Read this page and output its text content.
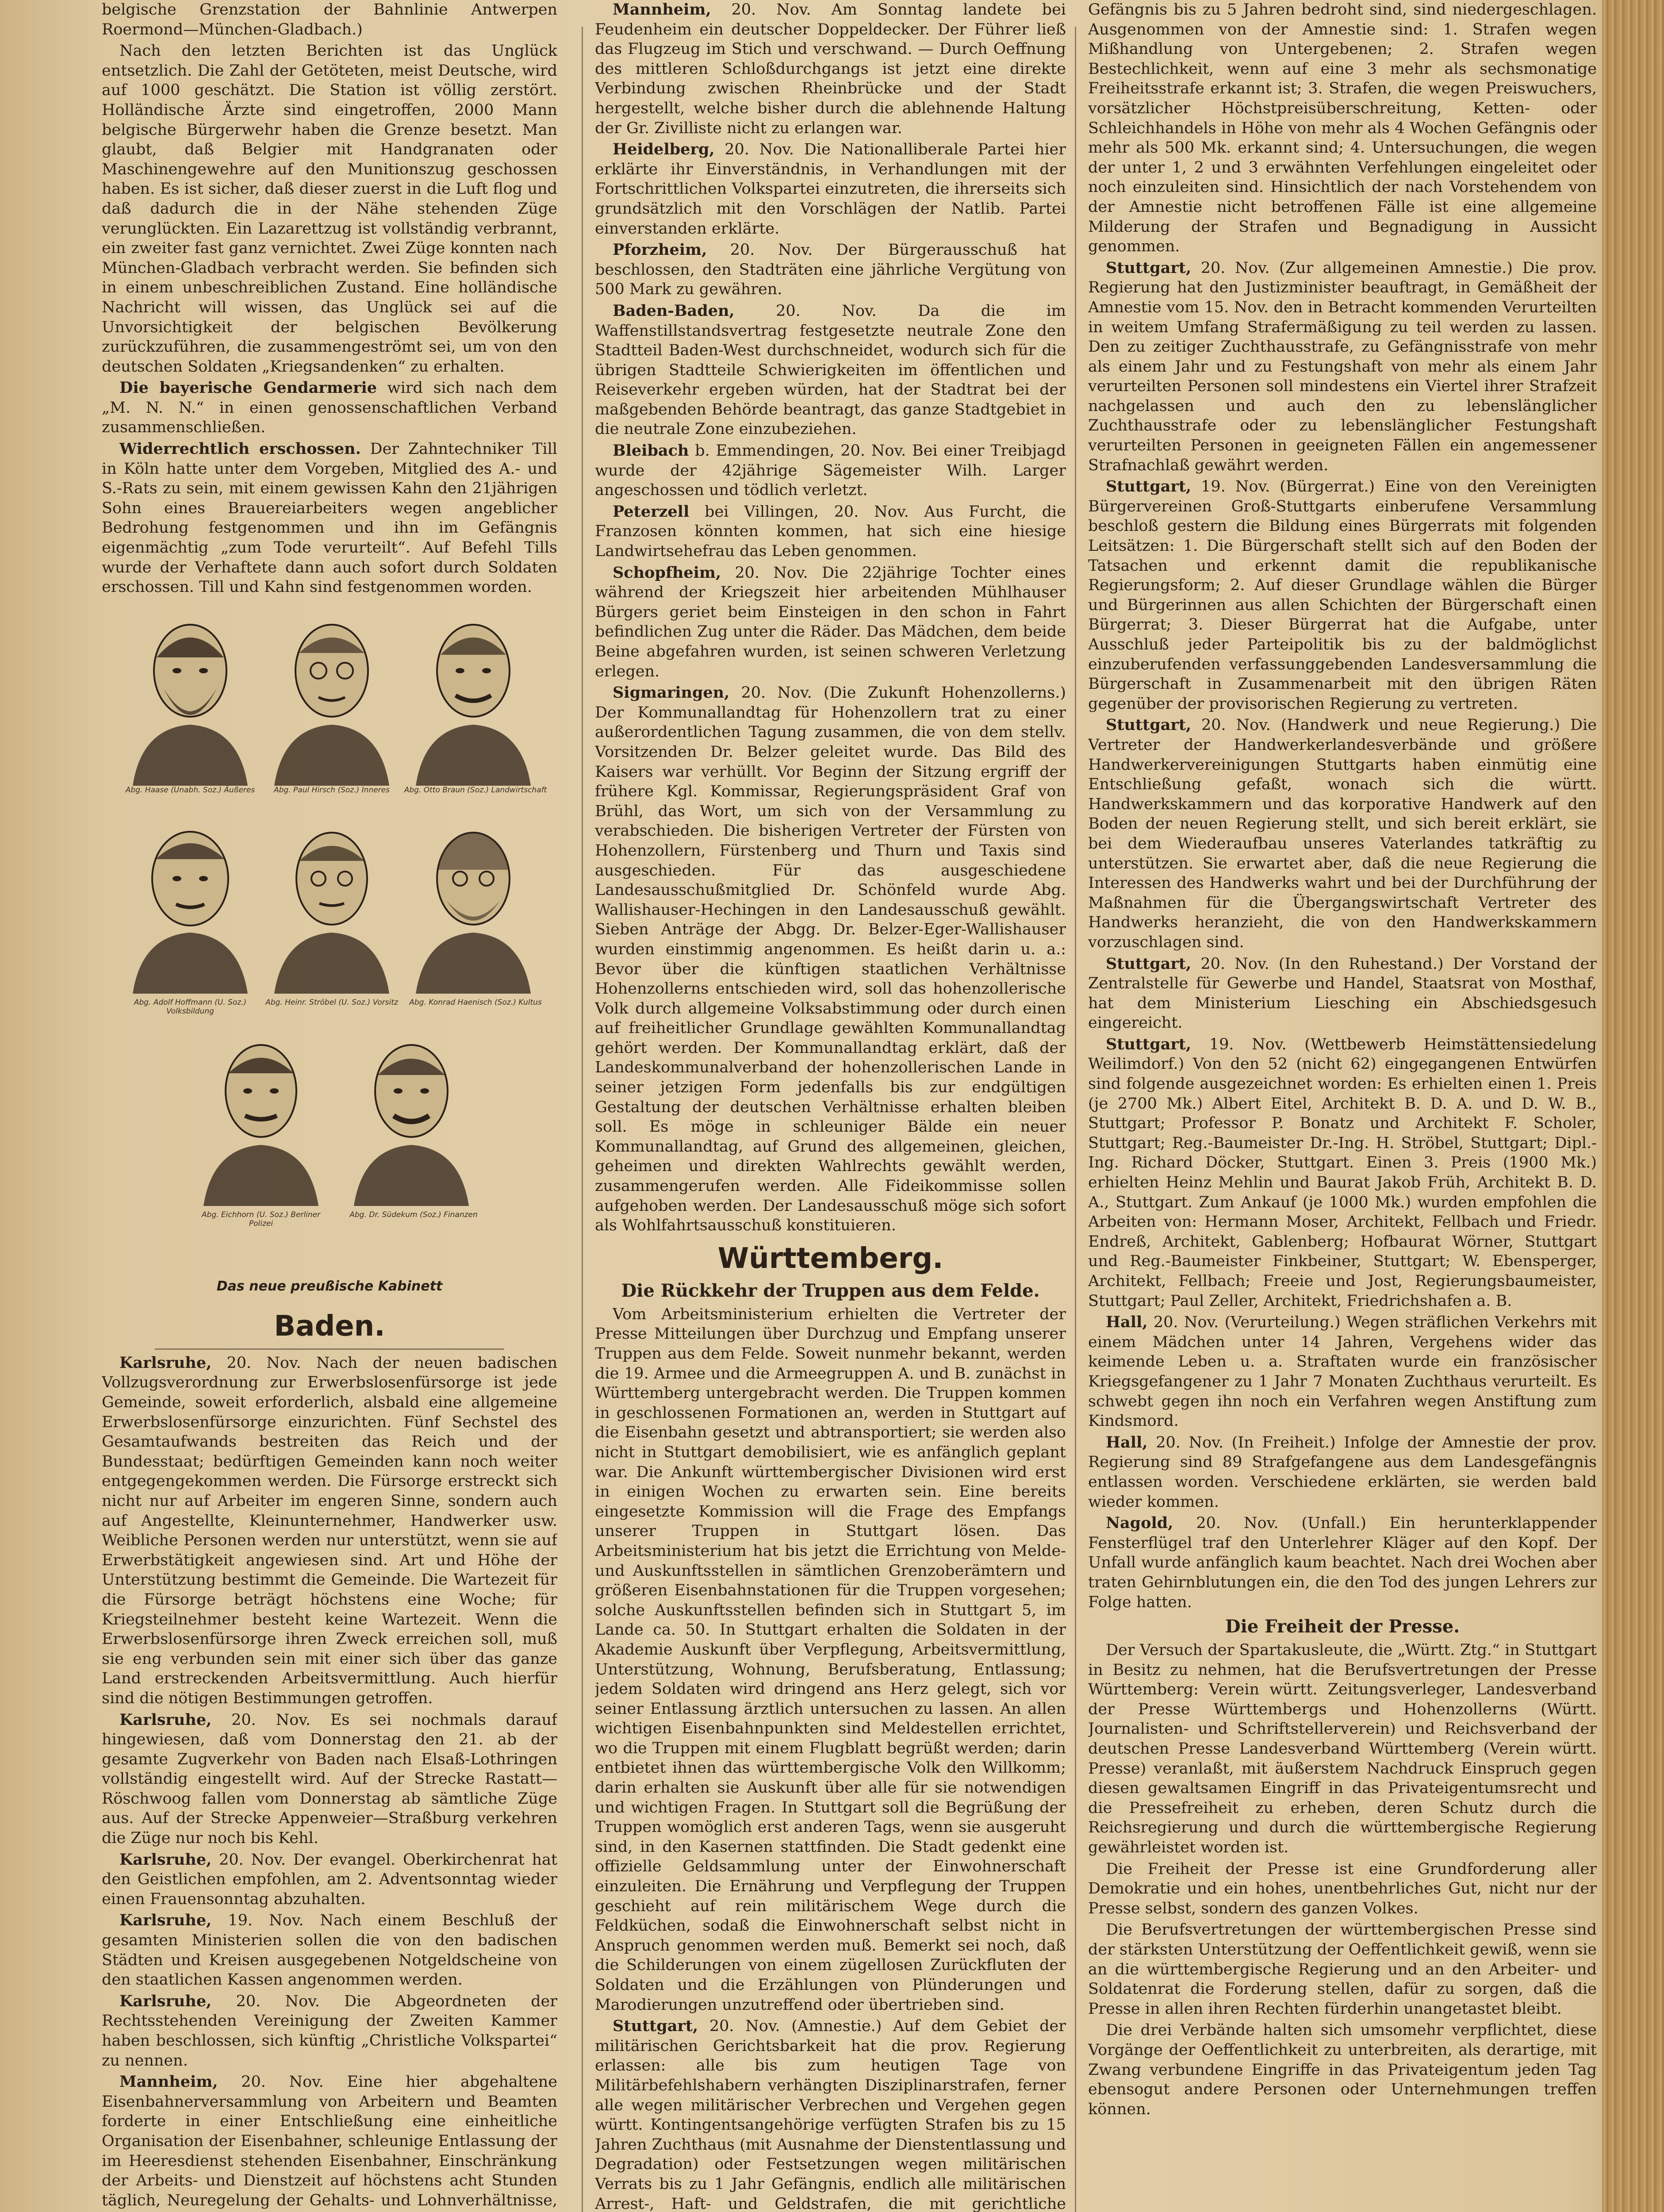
belgische Grenzstation der Bahnlinie Antwerpen Roermond—München-Gladbach.)

Nach den letzten Berichten ist das Unglück entsetzlich. Die Zahl der Getöteten, meist Deutsche, wird auf 1000 geschätzt. Die Station ist völlig zerstört. Holländische Ärzte sind eingetroffen, 2000 Mann belgische Bürgerwehr haben die Grenze besetzt. Man glaubt, daß Belgier mit Handgranaten oder Maschinengewehre auf den Munitionszug geschossen haben. Es ist sicher, daß dieser zuerst in die Luft flog und daß dadurch die in der Nähe stehenden Züge verunglückten. Ein Lazarettzug ist vollständig verbrannt, ein zweiter fast ganz vernichtet. Zwei Züge konnten nach München-Gladbach verbracht werden. Sie befinden sich in einem unbeschreiblichen Zustand. Eine holländische Nachricht will wissen, das Unglück sei auf die Unvorsichtigkeit der belgischen Bevölkerung zurückzuführen, die zusammengeströmt sei, um von den deutschen Soldaten „Kriegsandenken“ zu erhalten.

Die bayerische Gendarmerie wird sich nach dem „M. N. N.“ in einen genossenschaftlichen Verband zusammenschließen.

Widerrechtlich erschossen. Der Zahntechniker Till in Köln hatte unter dem Vorgeben, Mitglied des A.- und S.-Rats zu sein, mit einem gewissen Kahn den 21jährigen Sohn eines Brauereiarbeiters wegen angeblicher Bedrohung festgenommen und ihn im Gefängnis eigenmächtig „zum Tode verurteilt“. Auf Befehl Tills wurde der Verhaftete dann auch sofort durch Soldaten erschossen. Till und Kahn sind festgenommen worden.

Abg. Haase (Unabh. Soz.) Äußeres	Abg. Paul Hirsch (Soz.) Inneres	Abg. Otto Braun (Soz.) Landwirtschaft
Abg. Adolf Hoffmann (U. Soz.) Volksbildung
Abg. Heinr. Ströbel (U. Soz.) Vorsitz	Abg. Konrad Haenisch (Soz.) Kultus
Abg. Eichhorn (U. Soz.) Berliner Polizei
Abg. Dr. Südekum (Soz.) Finanzen
Das neue preußische Kabinett
Baden.

Karlsruhe, 20. Nov. Nach der neuen badischen Vollzugsverordnung zur Erwerbslosenfürsorge ist jede Gemeinde, soweit erforderlich, alsbald eine allgemeine Erwerbslosenfürsorge einzurichten. Fünf Sechstel des Gesamtaufwands bestreiten das Reich und der Bundesstaat; bedürftigen Gemeinden kann noch weiter entgegengekommen werden. Die Fürsorge erstreckt sich nicht nur auf Arbeiter im engeren Sinne, sondern auch auf Angestellte, Kleinunternehmer, Handwerker usw. Weibliche Personen werden nur unterstützt, wenn sie auf Erwerbstätigkeit angewiesen sind. Art und Höhe der Unterstützung bestimmt die Gemeinde. Die Wartezeit für die Fürsorge beträgt höchstens eine Woche; für Kriegsteilnehmer besteht keine Wartezeit. Wenn die Erwerbslosenfürsorge ihren Zweck erreichen soll, muß sie eng verbunden sein mit einer sich über das ganze Land erstreckenden Arbeitsvermittlung. Auch hierfür sind die nötigen Bestimmungen getroffen.

Karlsruhe, 20. Nov. Es sei nochmals darauf hingewiesen, daß vom Donnerstag den 21. ab der gesamte Zugverkehr von Baden nach Elsaß-Lothringen vollständig eingestellt wird. Auf der Strecke Rastatt—Röschwoog fallen vom Donnerstag ab sämtliche Züge aus. Auf der Strecke Appenweier—Straßburg verkehren die Züge nur noch bis Kehl.

Karlsruhe, 20. Nov. Der evangel. Oberkirchenrat hat den Geistlichen empfohlen, am 2. Adventsonntag wieder einen Frauensonntag abzuhalten.

Karlsruhe, 19. Nov. Nach einem Beschluß der gesamten Ministerien sollen die von den badischen Städten und Kreisen ausgegebenen Notgeldscheine von den staatlichen Kassen angenommen werden.

Karlsruhe, 20. Nov. Die Abgeordneten der Rechtsstehenden Vereinigung der Zweiten Kammer haben beschlossen, sich künftig „Christliche Volkspartei“ zu nennen.

Mannheim, 20. Nov. Eine hier abgehaltene Eisenbahnerversammlung von Arbeitern und Beamten forderte in einer Entschließung eine einheitliche Organisation der Eisenbahner, schleunige Entlassung der im Heeresdienst stehenden Eisenbahner, Einschränkung der Arbeits- und Dienstzeit auf höchstens acht Stunden täglich, Neuregelung der Gehalts- und Lohnverhältnisse,

Mannheim, 20. Nov. Am Sonntag landete bei Feudenheim ein deutscher Doppeldecker. Der Führer ließ das Flugzeug im Stich und verschwand. — Durch Oeffnung des mittleren Schloßdurchgangs ist jetzt eine direkte Verbindung zwischen Rheinbrücke und der Stadt hergestellt, welche bisher durch die ablehnende Haltung der Gr. Zivilliste nicht zu erlangen war.

Heidelberg, 20. Nov. Die Nationalliberale Partei hier erklärte ihr Einverständnis, in Verhandlungen mit der Fortschrittlichen Volkspartei einzutreten, die ihrerseits sich grundsätzlich mit den Vorschlägen der Natlib. Partei einverstanden erklärte.

Pforzheim, 20. Nov. Der Bürgerausschuß hat beschlossen, den Stadträten eine jährliche Vergütung von 500 Mark zu gewähren.

Baden-Baden, 20. Nov. Da die im Waffenstillstandsvertrag festgesetzte neutrale Zone den Stadtteil Baden-West durchschneidet, wodurch sich für die übrigen Stadtteile Schwierigkeiten im öffentlichen und Reiseverkehr ergeben würden, hat der Stadtrat bei der maßgebenden Behörde beantragt, das ganze Stadtgebiet in die neutrale Zone einzubeziehen.

Bleibach b. Emmendingen, 20. Nov. Bei einer Treibjagd wurde der 42jährige Sägemeister Wilh. Larger angeschossen und tödlich verletzt.

Peterzell bei Villingen, 20. Nov. Aus Furcht, die Franzosen könnten kommen, hat sich eine hiesige Landwirtsehefrau das Leben genommen.

Schopfheim, 20. Nov. Die 22jährige Tochter eines während der Kriegszeit hier arbeitenden Mühlhauser Bürgers geriet beim Einsteigen in den schon in Fahrt befindlichen Zug unter die Räder. Das Mädchen, dem beide Beine abgefahren wurden, ist seinen schweren Verletzung erlegen.

Sigmaringen, 20. Nov. (Die Zukunft Hohenzollerns.) Der Kommunallandtag für Hohenzollern trat zu einer außerordentlichen Tagung zusammen, die von dem stellv. Vorsitzenden Dr. Belzer geleitet wurde. Das Bild des Kaisers war verhüllt. Vor Beginn der Sitzung ergriff der frühere Kgl. Kommissar, Regierungspräsident Graf von Brühl, das Wort, um sich von der Versammlung zu verabschieden. Die bisherigen Vertreter der Fürsten von Hohenzollern, Fürstenberg und Thurn und Taxis sind ausgeschieden. Für das ausgeschiedene Landesausschußmitglied Dr. Schönfeld wurde Abg. Wallishauser-Hechingen in den Landesausschuß gewählt. Sieben Anträge der Abgg. Dr. Belzer-Eger-Wallishauser wurden einstimmig angenommen. Es heißt darin u. a.: Bevor über die künftigen staatlichen Verhältnisse Hohenzollerns entschieden wird, soll das hohenzollerische Volk durch allgemeine Volksabstimmung oder durch einen auf freiheitlicher Grundlage gewählten Kommunallandtag gehört werden. Der Kommunallandtag erklärt, daß der Landeskommunalverband der hohenzollerischen Lande in seiner jetzigen Form jedenfalls bis zur endgültigen Gestaltung der deutschen Verhältnisse erhalten bleiben soll. Es möge in schleuniger Bälde ein neuer Kommunallandtag, auf Grund des allgemeinen, gleichen, geheimen und direkten Wahlrechts gewählt werden, zusammengerufen werden. Alle Fideikommisse sollen aufgehoben werden. Der Landesausschuß möge sich sofort als Wohlfahrtsausschuß konstituieren.

Württemberg.
Die Rückkehr der Truppen aus dem Felde.

Vom Arbeitsministerium erhielten die Vertreter der Presse Mitteilungen über Durchzug und Empfang unserer Truppen aus dem Felde. Soweit nunmehr bekannt, werden die 19. Armee und die Armeegruppen A. und B. zunächst in Württemberg untergebracht werden. Die Truppen kommen in geschlossenen Formationen an, werden in Stuttgart auf die Eisenbahn gesetzt und abtransportiert; sie werden also nicht in Stuttgart demobilisiert, wie es anfänglich geplant war. Die Ankunft württembergischer Divisionen wird erst in einigen Wochen zu erwarten sein. Eine bereits eingesetzte Kommission will die Frage des Empfangs unserer Truppen in Stuttgart lösen. Das Arbeitsministerium hat bis jetzt die Errichtung von Melde- und Auskunftsstellen in sämtlichen Grenzoberämtern und größeren Eisenbahnstationen für die Truppen vorgesehen; solche Auskunftsstellen befinden sich in Stuttgart 5, im Lande ca. 50. In Stuttgart erhalten die Soldaten in der Akademie Auskunft über Verpflegung, Arbeitsvermittlung, Unterstützung, Wohnung, Berufsberatung, Entlassung; jedem Soldaten wird dringend ans Herz gelegt, sich vor seiner Entlassung ärztlich untersuchen zu lassen. An allen wichtigen Eisenbahnpunkten sind Meldestellen errichtet, wo die Truppen mit einem Flugblatt begrüßt werden; darin entbietet ihnen das württembergische Volk den Willkomm; darin erhalten sie Auskunft über alle für sie notwendigen und wichtigen Fragen. In Stuttgart soll die Begrüßung der Truppen womöglich erst anderen Tags, wenn sie ausgeruht sind, in den Kasernen stattfinden. Die Stadt gedenkt eine offizielle Geldsammlung unter der Einwohnerschaft einzuleiten. Die Ernährung und Verpflegung der Truppen geschieht auf rein militärischem Wege durch die Feldküchen, sodaß die Einwohnerschaft selbst nicht in Anspruch genommen werden muß. Bemerkt sei noch, daß die Schilderungen von einem zügellosen Zurückfluten der Soldaten und die Erzählungen von Plünderungen und Marodierungen unzutreffend oder übertrieben sind.

Stuttgart, 20. Nov. (Amnestie.) Auf dem Gebiet der militärischen Gerichtsbarkeit hat die prov. Regierung erlassen: alle bis zum heutigen Tage von Militärbefehlshabern verhängten Disziplinarstrafen, ferner alle wegen militärischer Verbrechen und Vergehen gegen württ. Kontingentsangehörige verfügten Strafen bis zu 15 Jahren Zuchthaus (mit Ausnahme der Dienstentlassung und Degradation) oder Festsetzungen wegen militärischen Verrats bis zu 1 Jahr Gefängnis, endlich alle militärischen Arrest-, Haft- und Geldstrafen, die mit gerichtliche

Gefängnis bis zu 5 Jahren bedroht sind, sind niedergeschlagen. Ausgenommen von der Amnestie sind: 1. Strafen wegen Mißhandlung von Untergebenen; 2. Strafen wegen Bestechlichkeit, wenn auf eine 3 mehr als sechsmonatige Freiheitsstrafe erkannt ist; 3. Strafen, die wegen Preiswuchers, vorsätzlicher Höchstpreisüberschreitung, Ketten- oder Schleichhandels in Höhe von mehr als 4 Wochen Gefängnis oder mehr als 500 Mk. erkannt sind; 4. Untersuchungen, die wegen der unter 1, 2 und 3 erwähnten Verfehlungen eingeleitet oder noch einzuleiten sind. Hinsichtlich der nach Vorstehendem von der Amnestie nicht betroffenen Fälle ist eine allgemeine Milderung der Strafen und Begnadigung in Aussicht genommen.

Stuttgart, 20. Nov. (Zur allgemeinen Amnestie.) Die prov. Regierung hat den Justizminister beauftragt, in Gemäßheit der Amnestie vom 15. Nov. den in Betracht kommenden Verurteilten in weitem Umfang Strafermäßigung zu teil werden zu lassen. Den zu zeitiger Zuchthausstrafe, zu Gefängnisstrafe von mehr als einem Jahr und zu Festungshaft von mehr als einem Jahr verurteilten Personen soll mindestens ein Viertel ihrer Strafzeit nachgelassen und auch den zu lebenslänglicher Zuchthausstrafe oder zu lebenslänglicher Festungshaft verurteilten Personen in geeigneten Fällen ein angemessener Strafnachlaß gewährt werden.

Stuttgart, 19. Nov. (Bürgerrat.) Eine von den Vereinigten Bürgervereinen Groß-Stuttgarts einberufene Versammlung beschloß gestern die Bildung eines Bürgerrats mit folgenden Leitsätzen: 1. Die Bürgerschaft stellt sich auf den Boden der Tatsachen und erkennt damit die republikanische Regierungsform; 2. Auf dieser Grundlage wählen die Bürger und Bürgerinnen aus allen Schichten der Bürgerschaft einen Bürgerrat; 3. Dieser Bürgerrat hat die Aufgabe, unter Ausschluß jeder Parteipolitik bis zu der baldmöglichst einzuberufenden verfassunggebenden Landesversammlung die Bürgerschaft in Zusammenarbeit mit den übrigen Räten gegenüber der provisorischen Regierung zu vertreten.

Stuttgart, 20. Nov. (Handwerk und neue Regierung.) Die Vertreter der Handwerkerlandesverbände und größere Handwerkervereinigungen Stuttgarts haben einmütig eine Entschließung gefaßt, wonach sich die württ. Handwerkskammern und das korporative Handwerk auf den Boden der neuen Regierung stellt, und sich bereit erklärt, sie bei dem Wiederaufbau unseres Vaterlandes tatkräftig zu unterstützen. Sie erwartet aber, daß die neue Regierung die Interessen des Handwerks wahrt und bei der Durchführung der Maßnahmen für die Übergangswirtschaft Vertreter des Handwerks heranzieht, die von den Handwerkskammern vorzuschlagen sind.

Stuttgart, 20. Nov. (In den Ruhestand.) Der Vorstand der Zentralstelle für Gewerbe und Handel, Staatsrat von Mosthaf, hat dem Ministerium Liesching ein Abschiedsgesuch eingereicht.

Stuttgart, 19. Nov. (Wettbewerb Heimstättensiedelung Weilimdorf.) Von den 52 (nicht 62) eingegangenen Entwürfen sind folgende ausgezeichnet worden: Es erhielten einen 1. Preis (je 2700 Mk.) Albert Eitel, Architekt B. D. A. und D. W. B., Stuttgart; Professor P. Bonatz und Architekt F. Scholer, Stuttgart; Reg.-Baumeister Dr.-Ing. H. Ströbel, Stuttgart; Dipl.-Ing. Richard Döcker, Stuttgart. Einen 3. Preis (1900 Mk.) erhielten Heinz Mehlin und Baurat Jakob Früh, Architekt B. D. A., Stuttgart. Zum Ankauf (je 1000 Mk.) wurden empfohlen die Arbeiten von: Hermann Moser, Architekt, Fellbach und Friedr. Endreß, Architekt, Gablenberg; Hofbaurat Wörner, Stuttgart und Reg.-Baumeister Finkbeiner, Stuttgart; W. Ebensperger, Architekt, Fellbach; Freeie und Jost, Regierungsbaumeister, Stuttgart; Paul Zeller, Architekt, Friedrichshafen a. B.

Hall, 20. Nov. (Verurteilung.) Wegen sträflichen Verkehrs mit einem Mädchen unter 14 Jahren, Vergehens wider das keimende Leben u. a. Straftaten wurde ein französischer Kriegsgefangener zu 1 Jahr 7 Monaten Zuchthaus verurteilt. Es schwebt gegen ihn noch ein Verfahren wegen Anstiftung zum Kindsmord.

Hall, 20. Nov. (In Freiheit.) Infolge der Amnestie der prov. Regierung sind 89 Strafgefangene aus dem Landesgefängnis entlassen worden. Verschiedene erklärten, sie werden bald wieder kommen.

Nagold, 20. Nov. (Unfall.) Ein herunterklappender Fensterflügel traf den Unterlehrer Kläger auf den Kopf. Der Unfall wurde anfänglich kaum beachtet. Nach drei Wochen aber traten Gehirnblutungen ein, die den Tod des jungen Lehrers zur Folge hatten.

Die Freiheit der Presse.

Der Versuch der Spartakusleute, die „Württ. Ztg.“ in Stuttgart in Besitz zu nehmen, hat die Berufsvertretungen der Presse Württemberg: Verein württ. Zeitungsverleger, Landesverband der Presse Württembergs und Hohenzollerns (Württ. Journalisten- und Schriftstellerverein) und Reichsverband der deutschen Presse Landesverband Württemberg (Verein württ. Presse) veranlaßt, mit äußerstem Nachdruck Einspruch gegen diesen gewaltsamen Eingriff in das Privateigentumsrecht und die Pressefreiheit zu erheben, deren Schutz durch die Reichsregierung und durch die württembergische Regierung gewährleistet worden ist.

Die Freiheit der Presse ist eine Grundforderung aller Demokratie und ein hohes, unentbehrliches Gut, nicht nur der Presse selbst, sondern des ganzen Volkes.

Die Berufsvertretungen der württembergischen Presse sind der stärksten Unterstützung der Oeffentlichkeit gewiß, wenn sie an die württembergische Regierung und an den Arbeiter- und Soldatenrat die Forderung stellen, dafür zu sorgen, daß die Presse in allen ihren Rechten fürderhin unangetastet bleibt.

Die drei Verbände halten sich umsomehr verpflichtet, diese Vorgänge der Oeffentlichkeit zu unterbreiten, als derartige, mit Zwang verbundene Eingriffe in das Privateigentum jeden Tag ebensogut andere Personen oder Unternehmungen treffen können.
